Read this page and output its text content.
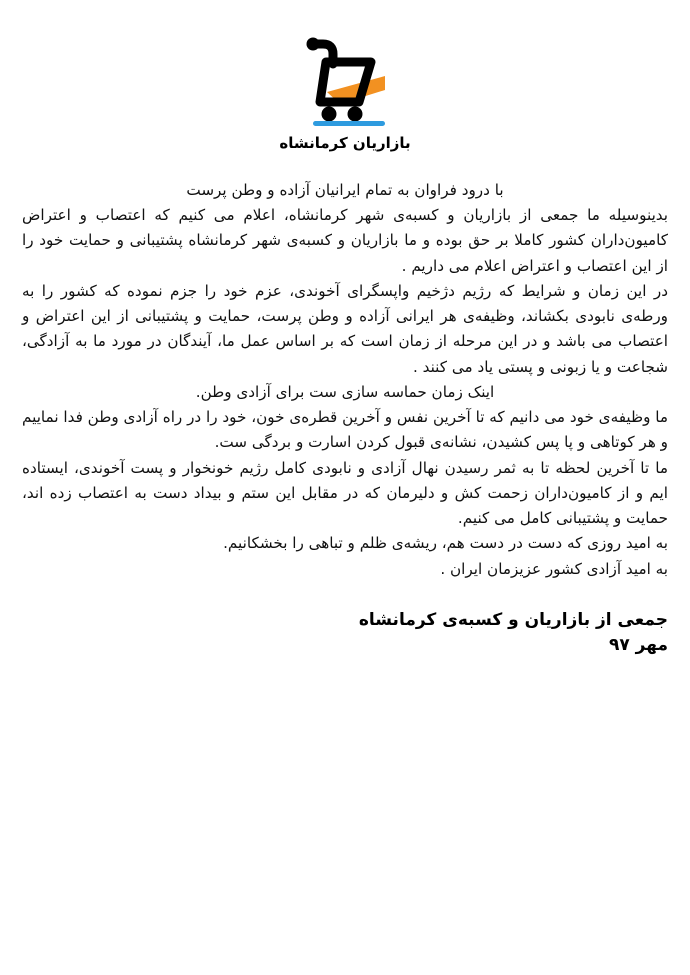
بازاریان کرمانشاه

با درود فراوان به تمام ایرانیان آزاده و وطن پرست

بدینوسیله ما جمعی از بازاریان و کسبه‌ی شهر کرمانشاه، اعلام می کنیم که اعتصاب و اعتراض کامیون‌داران کشور کاملا بر حق بوده و ما بازاریان و کسبه‌ی شهر کرمانشاه پشتیبانی و حمایت خود را از این اعتصاب و اعتراض اعلام می داریم .

در این زمان و شرایط که رژیم دژخیم واپسگرای آخوندی، عزم خود را جزم نموده که کشور را به ورطه‌ی نابودی بکشاند، وظیفه‌ی هر ایرانی آزاده و وطن پرست، حمایت و پشتیبانی از این اعتراض و اعتصاب می باشد و در این مرحله از زمان است که بر اساس عمل ما، آیندگان در مورد ما به آزادگی، شجاعت و یا زبونی و پستی یاد می کنند .

اینک زمان حماسه سازی ست برای آزادی وطن.

ما وظیفه‌ی خود می دانیم که تا آخرین نفس و آخرین قطره‌ی خون، خود را در راه آزادی وطن فدا نماییم و هر کوتاهی و پا پس کشیدن، نشانه‌ی قبول کردن اسارت و بردگی ست.

ما تا آخرین لحظه تا به ثمر رسیدن نهال آزادی و نابودی کامل رژیم خونخوار و پست آخوندی، ایستاده ایم و از کامیون‌داران زحمت کش و دلیرمان که در مقابل این ستم و بیداد دست به اعتصاب زده اند، حمایت و پشتیبانی کامل می کنیم.

به امید روزی که دست در دست هم، ریشه‌ی ظلم و تباهی را بخشکانیم.

به امید آزادی کشور عزیزمان ایران .

جمعی از بازاریان و کسبه‌ی کرمانشاه
مهر ۹۷
